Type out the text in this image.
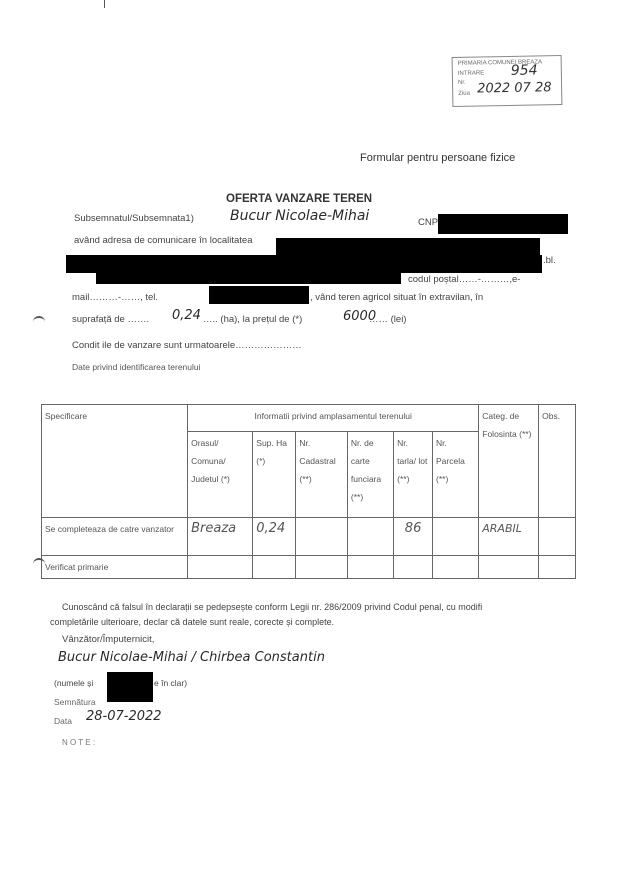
PRIMARIA COMUNEI BREAZA
INTRARE
Nr.
Ziua
954
2022 07 28
Formular pentru persoane fizice
OFERTA VANZARE TEREN
Subsemnatul/Subsemnata1)	Bucur Nicolae-Mihai	CNP
având adresa de comunicare în localitatea
.bl.
codul poștal……-………,e-
mail………-……, tel.	, vând teren agricol situat în extravilan, în
suprafață de ……. 0,24 ….. (ha), la prețul de (*)	6000
…… (lei)
Condit ile de vanzare sunt urmatoarele…………………
Date privind identificarea terenului
Specificare	Informatii privind amplasamentul terenului						Categ. de Folosinta (**)	Obs.
	Orasul/ Comuna/ Judetul (*)	Sup. Ha (*)	Nr. Cadastral (**)	Nr. de carte funciara (**)	Nr. tarla/ lot (**)	Nr. Parcela (**)		
Se completeaza de catre vanzator	Breaza	0,24			86		ARABIL	
Verificat primarie								
Cunoscând că falsul în declarații se pedepsește conform Legii nr. 286/2009 privind Codul penal, cu modifi
completările ulterioare, declar că datele sunt reale, corecte și complete.
Vânzător/Împuternicit,
Bucur Nicolae-Mihai / Chirbea Constantin
(numele și	e în clar)
Semnătura
Data 28-07-2022
N O T E :
